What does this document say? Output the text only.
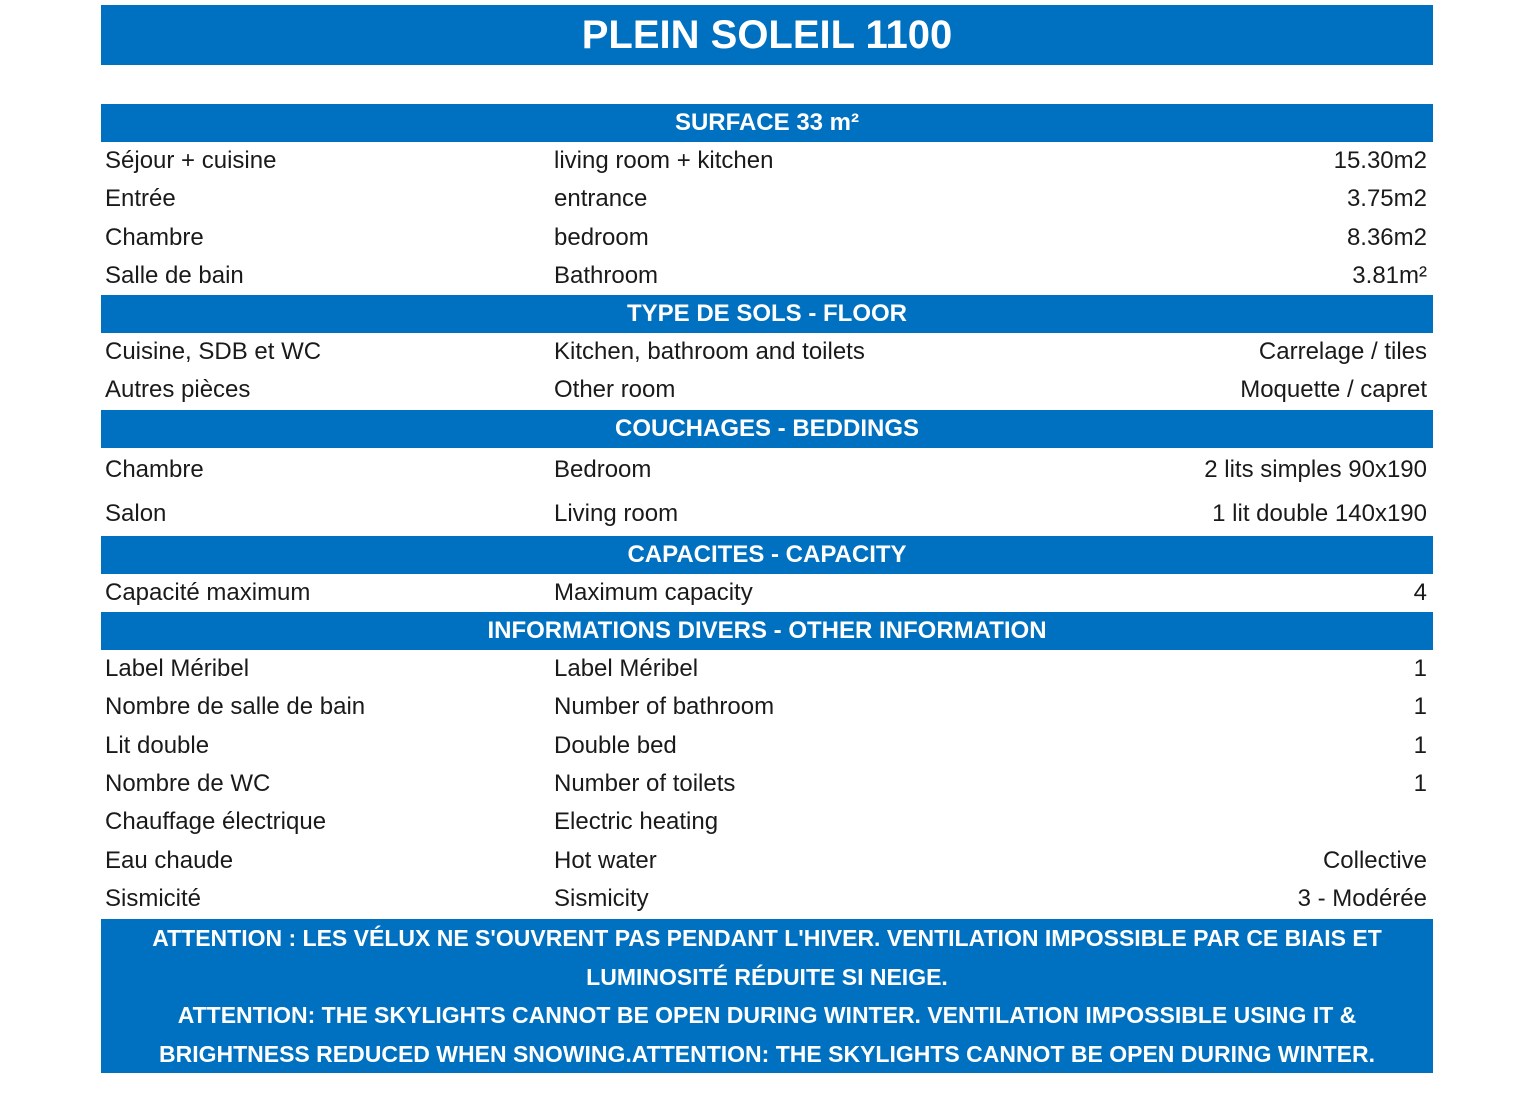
PLEIN SOLEIL 1100
SURFACE 33 m²
Séjour + cuisine	living room + kitchen	15.30m2
Entrée	entrance	3.75m2
Chambre	bedroom	8.36m2
Salle de bain	Bathroom	3.81m²
TYPE DE SOLS - FLOOR
Cuisine, SDB et WC	Kitchen, bathroom and toilets	Carrelage / tiles
Autres pièces	Other room	Moquette / capret
COUCHAGES - BEDDINGS
Chambre	Bedroom	2 lits simples 90x190
Salon	Living room	1 lit double 140x190
CAPACITES - CAPACITY
Capacité maximum	Maximum capacity	4
INFORMATIONS DIVERS - OTHER INFORMATION
Label Méribel	Label Méribel	1
Nombre de salle de bain	Number of bathroom	1
Lit double	Double bed	1
Nombre de WC	Number of toilets	1
Chauffage électrique	Electric heating
Eau chaude	Hot water	Collective
Sismicité	Sismicity	3 - Modérée

ATTENTION : LES VÉLUX NE S'OUVRENT PAS PENDANT L'HIVER. VENTILATION IMPOSSIBLE PAR CE BIAIS ET LUMINOSITÉ RÉDUITE SI NEIGE.

ATTENTION: THE SKYLIGHTS CANNOT BE OPEN DURING WINTER. VENTILATION IMPOSSIBLE USING IT & BRIGHTNESS REDUCED WHEN SNOWING.ATTENTION: THE SKYLIGHTS CANNOT BE OPEN DURING WINTER. VENTILATION
